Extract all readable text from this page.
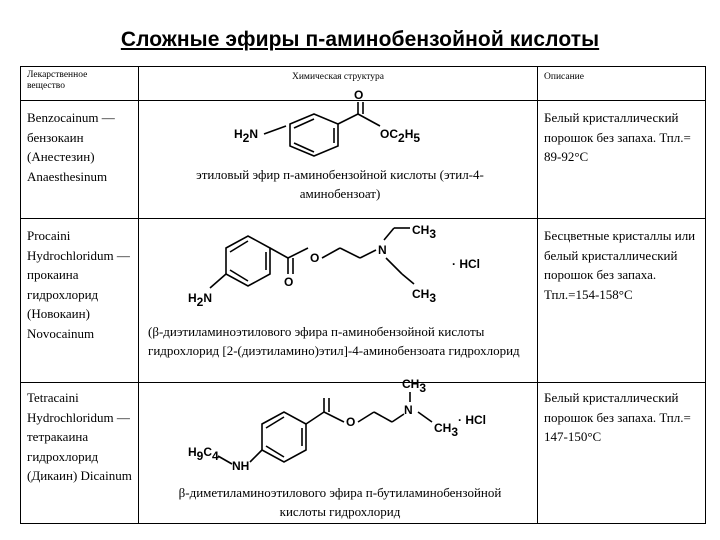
Сложные эфиры п-аминобензойной кислоты
Лекарственное вещество
Химическая структура	Описание
Benzocainum — бензокаин (Анестезин) Anaesthesinum
H2N
O
OC2H5
этиловый эфир п-аминобензойной кислоты (этил-4-аминобензоат)
Белый кристаллический порошок без запаха. Тпл.= 89-92°С
Procaini Hydrochloridum — прокаина гидрохлорид (Новокаин) Novocainum
H2N
O
O
N
CH3
CH3
· HCl
(β-диэтиламиноэтилового эфира п-аминобензойной кислоты гидрохлорид [2-(диэтиламино)этил]-4-аминобензоата гидрохлорид
Бесцветные кристаллы или белый кристаллический порошок без запаха. Тпл.=154-158°С
Tetracaini Hydrochloridum — тетракаина гидрохлорид (Дикаин) Dicainum
H9C4
NH
O
N
CH3
CH3
· HCl
β-диметиламиноэтилового эфира п-бутиламинобензойной кислоты гидрохлорид
Белый кристаллический порошок без запаха. Тпл.= 147-150°С
